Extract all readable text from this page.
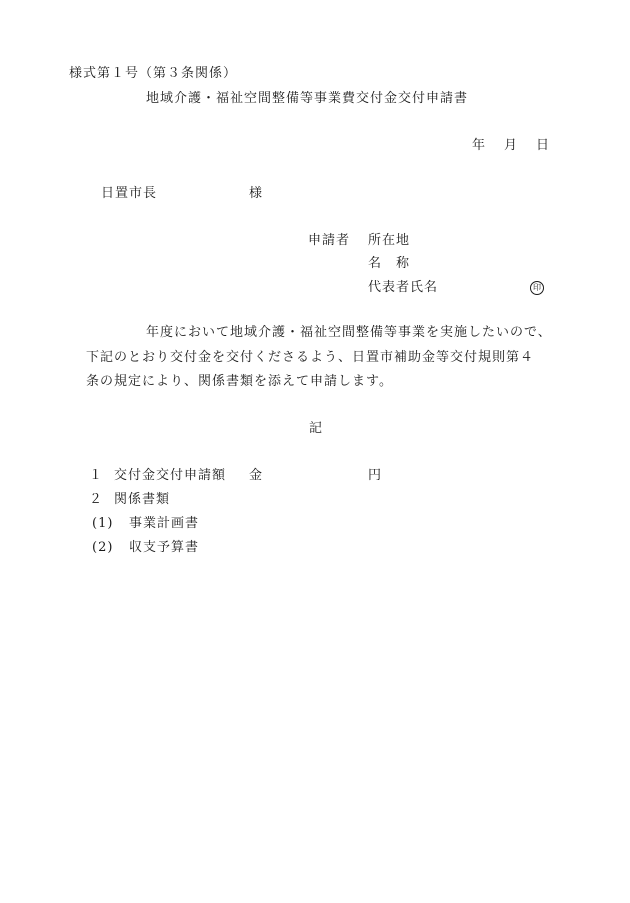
様式第１号（第３条関係）
地域介護・福祉空間整備等事業費交付金交付申請書
年 月 日
日置市長	様
申請者 所在地
名　称
代表者氏名	印
年度において地域介護・福祉空間整備等事業を実施したいので、
下記のとおり交付金を交付くださるよう、日置市補助金等交付規則第４
条の規定により、関係書類を添えて申請します。
記
１ 交付金交付申請額 金	円
２ 関係書類
(1) 事業計画書
(2) 収支予算書
